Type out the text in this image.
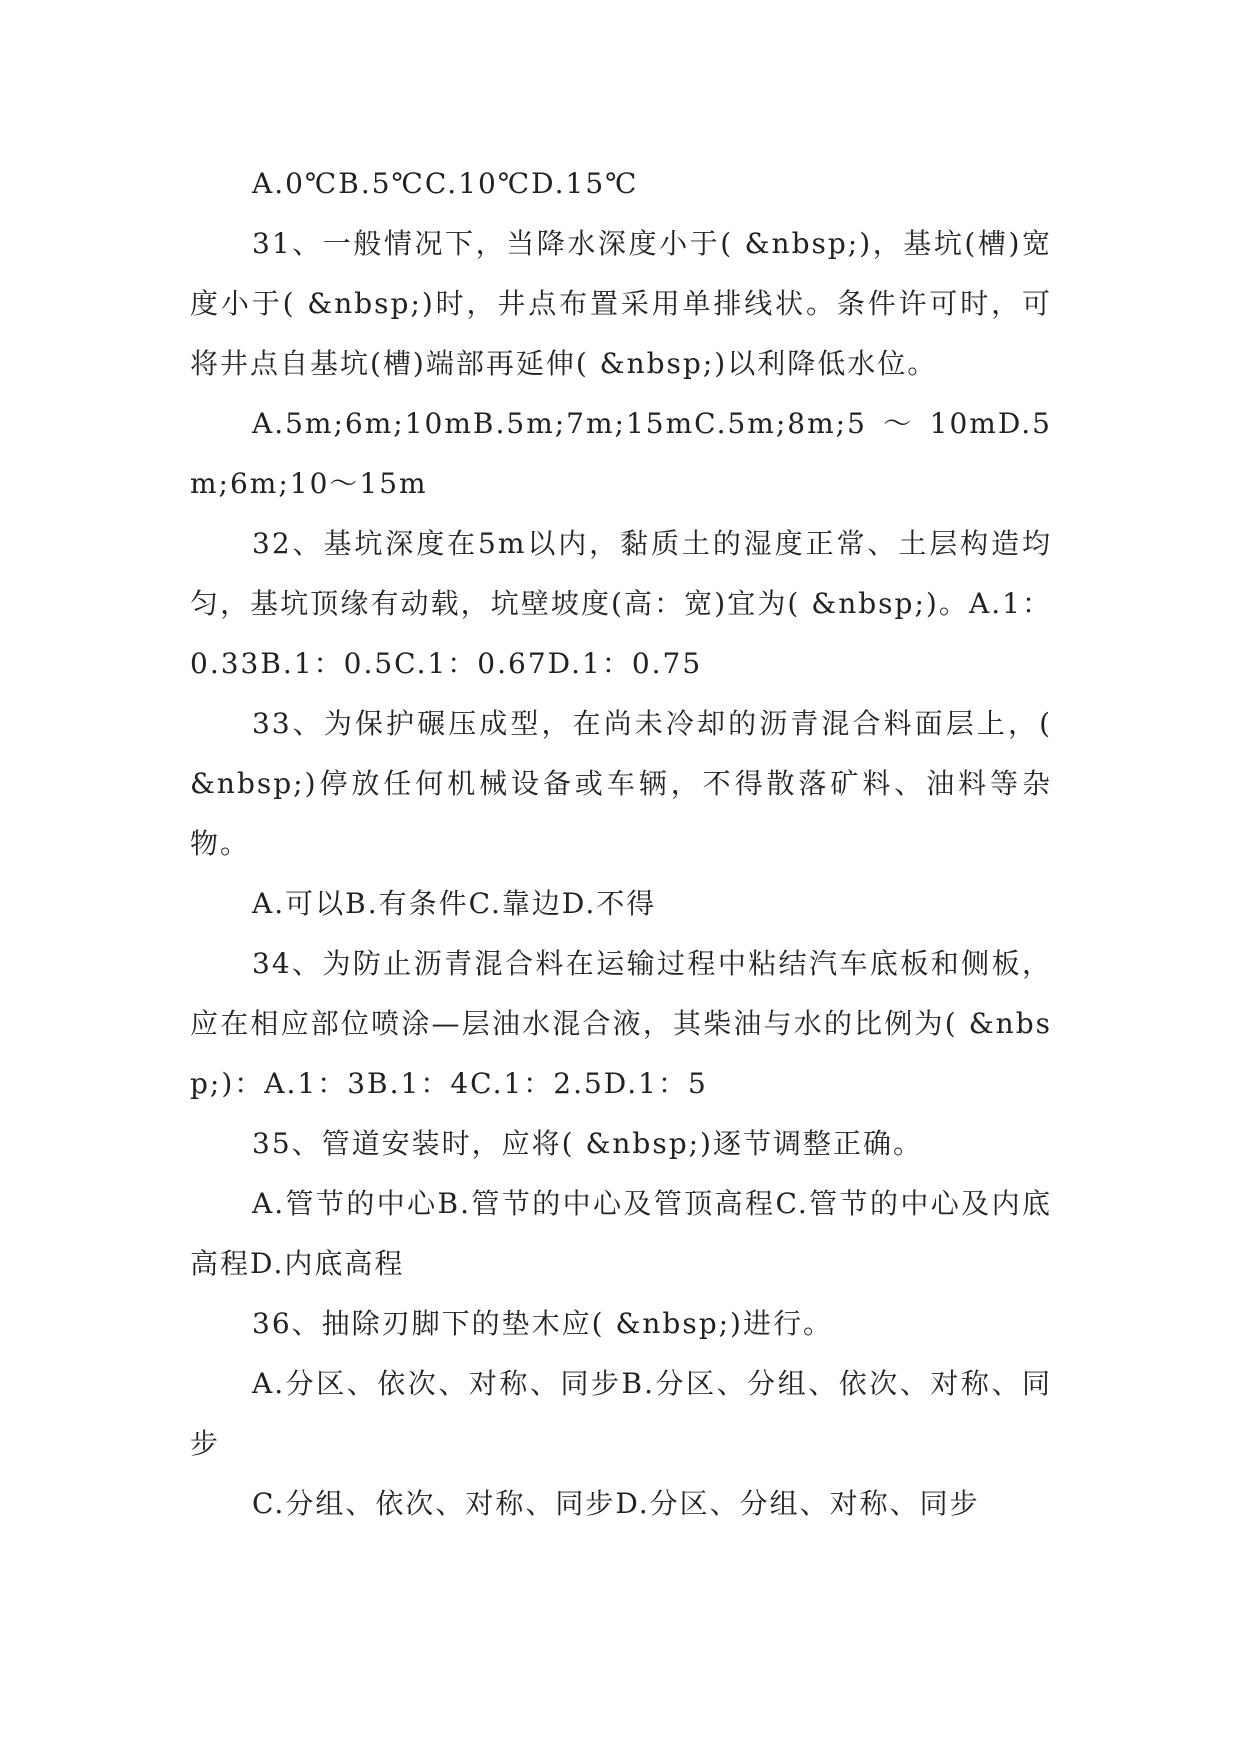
A.0℃B.5℃C.10℃D.15℃

31、一般情况下，当降水深度小于( &nbsp;)，基坑(槽)宽度小于( &nbsp;)时，井点布置采用单排线状。条件许可时，可将井点自基坑(槽)端部再延伸( &nbsp;)以利降低水位。

A.5m;6m;10mB.5m;7m;15mC.5m;8m;5～10mD.5m;6m;10～15m

32、基坑深度在5m以内，黏质土的湿度正常、土层构造均匀，基坑顶缘有动载，坑壁坡度(高：宽)宜为( &nbsp;)。A.1：0.33B.1：0.5C.1：0.67D.1：0.75

33、为保护碾压成型，在尚未冷却的沥青混合料面层上，( &nbsp;)停放任何机械设备或车辆，不得散落矿料、油料等杂物。

A.可以B.有条件C.靠边D.不得

34、为防止沥青混合料在运输过程中粘结汽车底板和侧板，应在相应部位喷涂—层油水混合液，其柴油与水的比例为( &nbsp;)：A.1：3B.1：4C.1：2.5D.1：5

35、管道安装时，应将( &nbsp;)逐节调整正确。

A.管节的中心B.管节的中心及管顶高程C.管节的中心及内底高程D.内底高程

36、抽除刃脚下的垫木应( &nbsp;)进行。

A.分区、依次、对称、同步B.分区、分组、依次、对称、同步

C.分组、依次、对称、同步D.分区、分组、对称、同步
